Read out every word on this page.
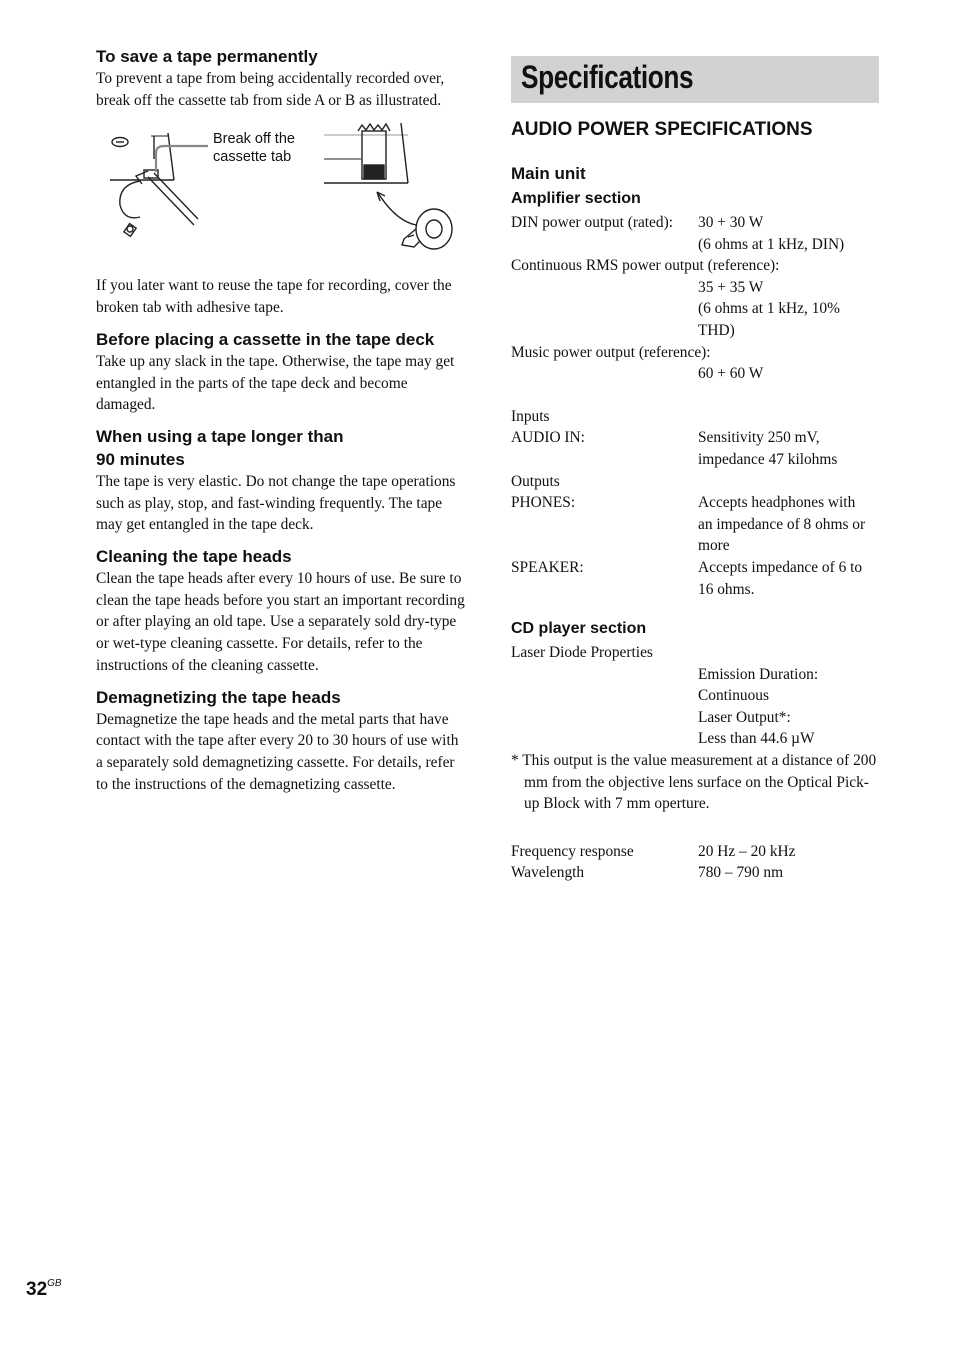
To save a tape permanently

To prevent a tape from being accidentally recorded over, break off the cassette tab from side A or B as illustrated.

Break off the
cassette tab

If you later want to reuse the tape for recording, cover the broken tab with adhesive tape.

Before placing a cassette in the tape deck

Take up any slack in the tape. Otherwise, the tape may get entangled in the parts of the tape deck and become damaged.

When using a tape longer than
90 minutes

The tape is very elastic. Do not change the tape operations such as play, stop, and fast-winding frequently. The tape may get entangled in the tape deck.

Cleaning the tape heads

Clean the tape heads after every 10 hours of use. Be sure to clean the tape heads before you start an important recording or after playing an old tape. Use a separately sold dry-type or wet-type cleaning cassette. For details, refer to the instructions of the cleaning cassette.

Demagnetizing the tape heads

Demagnetize the tape heads and the metal parts that have contact with the tape after every 20 to 30 hours of use with a separately sold demagnetizing cassette. For details, refer to the instructions of the demagnetizing cassette.

Specifications
AUDIO POWER SPECIFICATIONS
Main unit
Amplifier section
DIN power output (rated):	30 + 30 W
(6 ohms at 1 kHz, DIN)
Continuous RMS power output (reference):
35 + 35 W
(6 ohms at 1 kHz, 10%
THD)
Music power output (reference):
60 + 60 W
Inputs
AUDIO IN:	Sensitivity 250 mV,
impedance 47 kilohms
Outputs
PHONES:	Accepts headphones with
an impedance of 8 ohms or
more
SPEAKER:	Accepts impedance of 6 to
16 ohms.
CD player section
Laser Diode Properties
Emission Duration:
Continuous
Laser Output*:
Less than 44.6 µW
* This output is the value measurement at a distance of 200 mm from the objective lens surface on the Optical Pick-up Block with 7 mm operture.
Frequency response	20 Hz – 20 kHz
Wavelength	780 – 790 nm
$32^{GB}$
